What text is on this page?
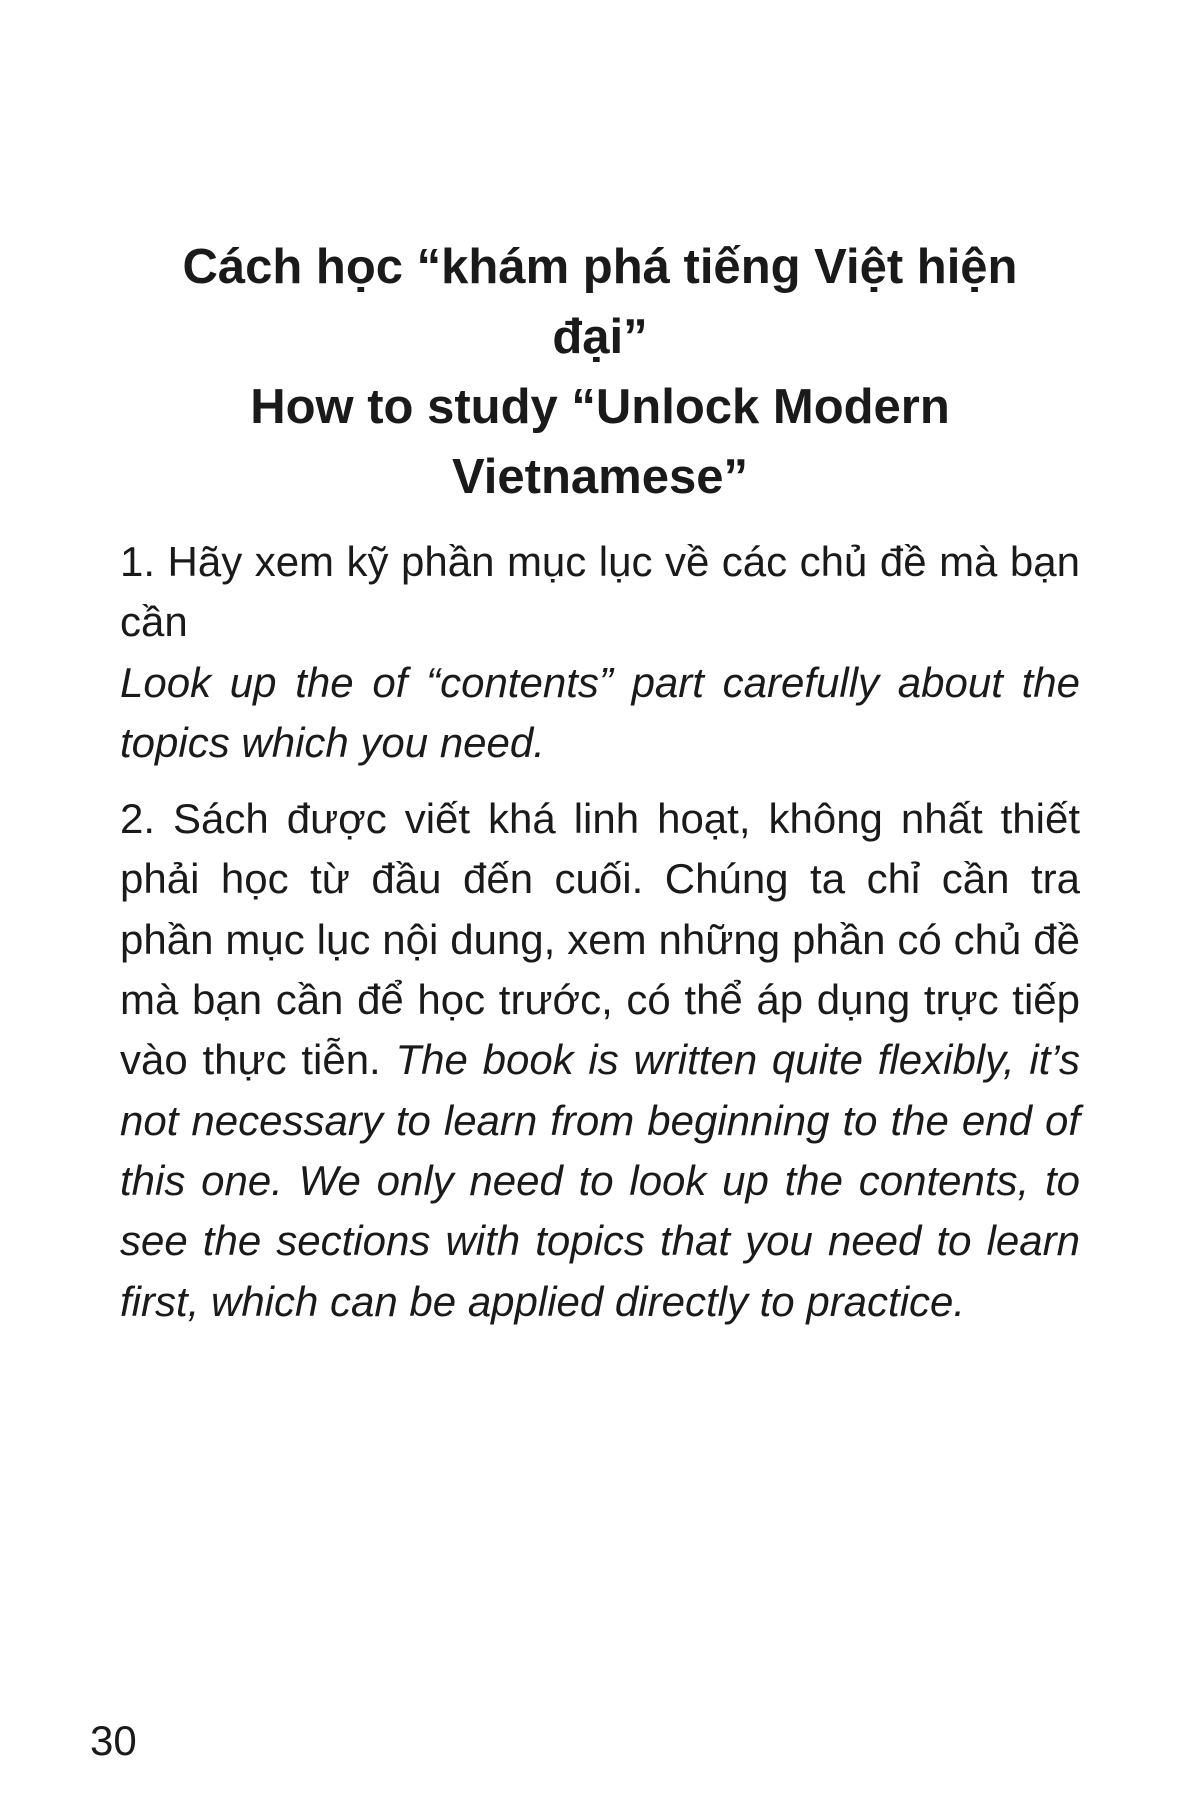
Cách học “khám phá tiếng Việt hiện
đại”
How to study “Unlock Modern
Vietnamese”

1. Hãy xem kỹ phần mục lục về các chủ đề mà bạn cần
Look up the of “contents” part carefully about the topics which you need.

2. Sách được viết khá linh hoạt, không nhất thiết phải học từ đầu đến cuối. Chúng ta chỉ cần tra phần mục lục nội dung, xem những phần có chủ đề mà bạn cần để học trước, có thể áp dụng trực tiếp vào thực tiễn. The book is written quite flexibly, it’s not necessary to learn from beginning to the end of this one. We only need to look up the contents, to see the sections with topics that you need to learn first, which can be applied directly to practice.

30
